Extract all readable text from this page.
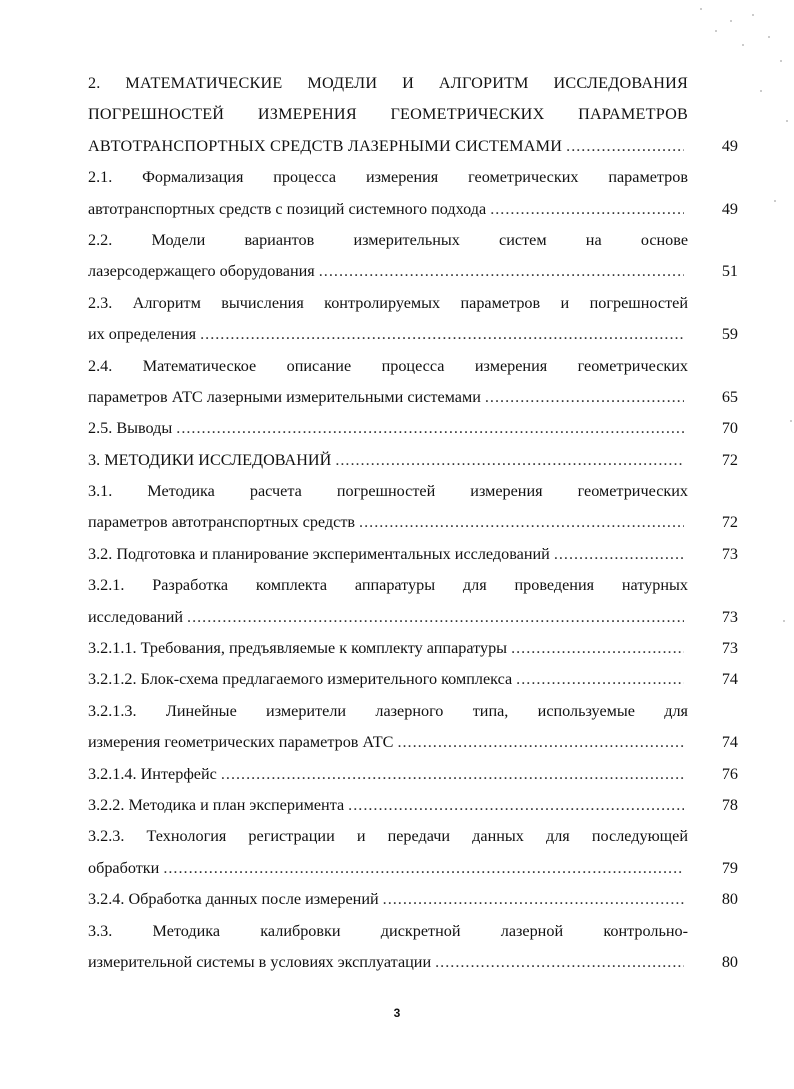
2. МАТЕМАТИЧЕСКИЕ МОДЕЛИ И АЛГОРИТМ ИССЛЕДОВАНИЯ
ПОГРЕШНОСТЕЙ ИЗМЕРЕНИЯ ГЕОМЕТРИЧЕСКИХ ПАРАМЕТРОВ
АВТОТРАНСПОРТНЫХ СРЕДСТВ ЛАЗЕРНЫМИ СИСТЕМАМИ .....	49
2.1. Формализация процесса измерения геометрических параметров
автотранспортных средств с позиций системного подхода .....	49
2.2. Модели вариантов измерительных систем на основе
лазерсодержащего оборудования .....	51
2.3. Алгоритм вычисления контролируемых параметров и погрешностей
их определения .....	59
2.4. Математическое описание процесса измерения геометрических
параметров АТС лазерными измерительными системами .....	65
2.5. Выводы .....	70
3. МЕТОДИКИ ИССЛЕДОВАНИЙ .....	72
3.1. Методика расчета погрешностей измерения геометрических
параметров автотранспортных средств .....	72
3.2. Подготовка и планирование экспериментальных исследований .....	73
3.2.1. Разработка комплекта аппаратуры для проведения натурных
исследований .....	73
3.2.1.1. Требования, предъявляемые к комплекту аппаратуры .....	73
3.2.1.2. Блок-схема предлагаемого измерительного комплекса .....	74
3.2.1.3. Линейные измерители лазерного типа, используемые для
измерения геометрических параметров АТС .....	74
3.2.1.4. Интерфейс .....	76
3.2.2. Методика и план эксперимента .....	78
3.2.3. Технология регистрации и передачи данных для последующей
обработки .....	79
3.2.4. Обработка данных после измерений .....	80
3.3. Методика калибровки дискретной лазерной контрольно-
измерительной системы в условиях эксплуатации .....	80
3
